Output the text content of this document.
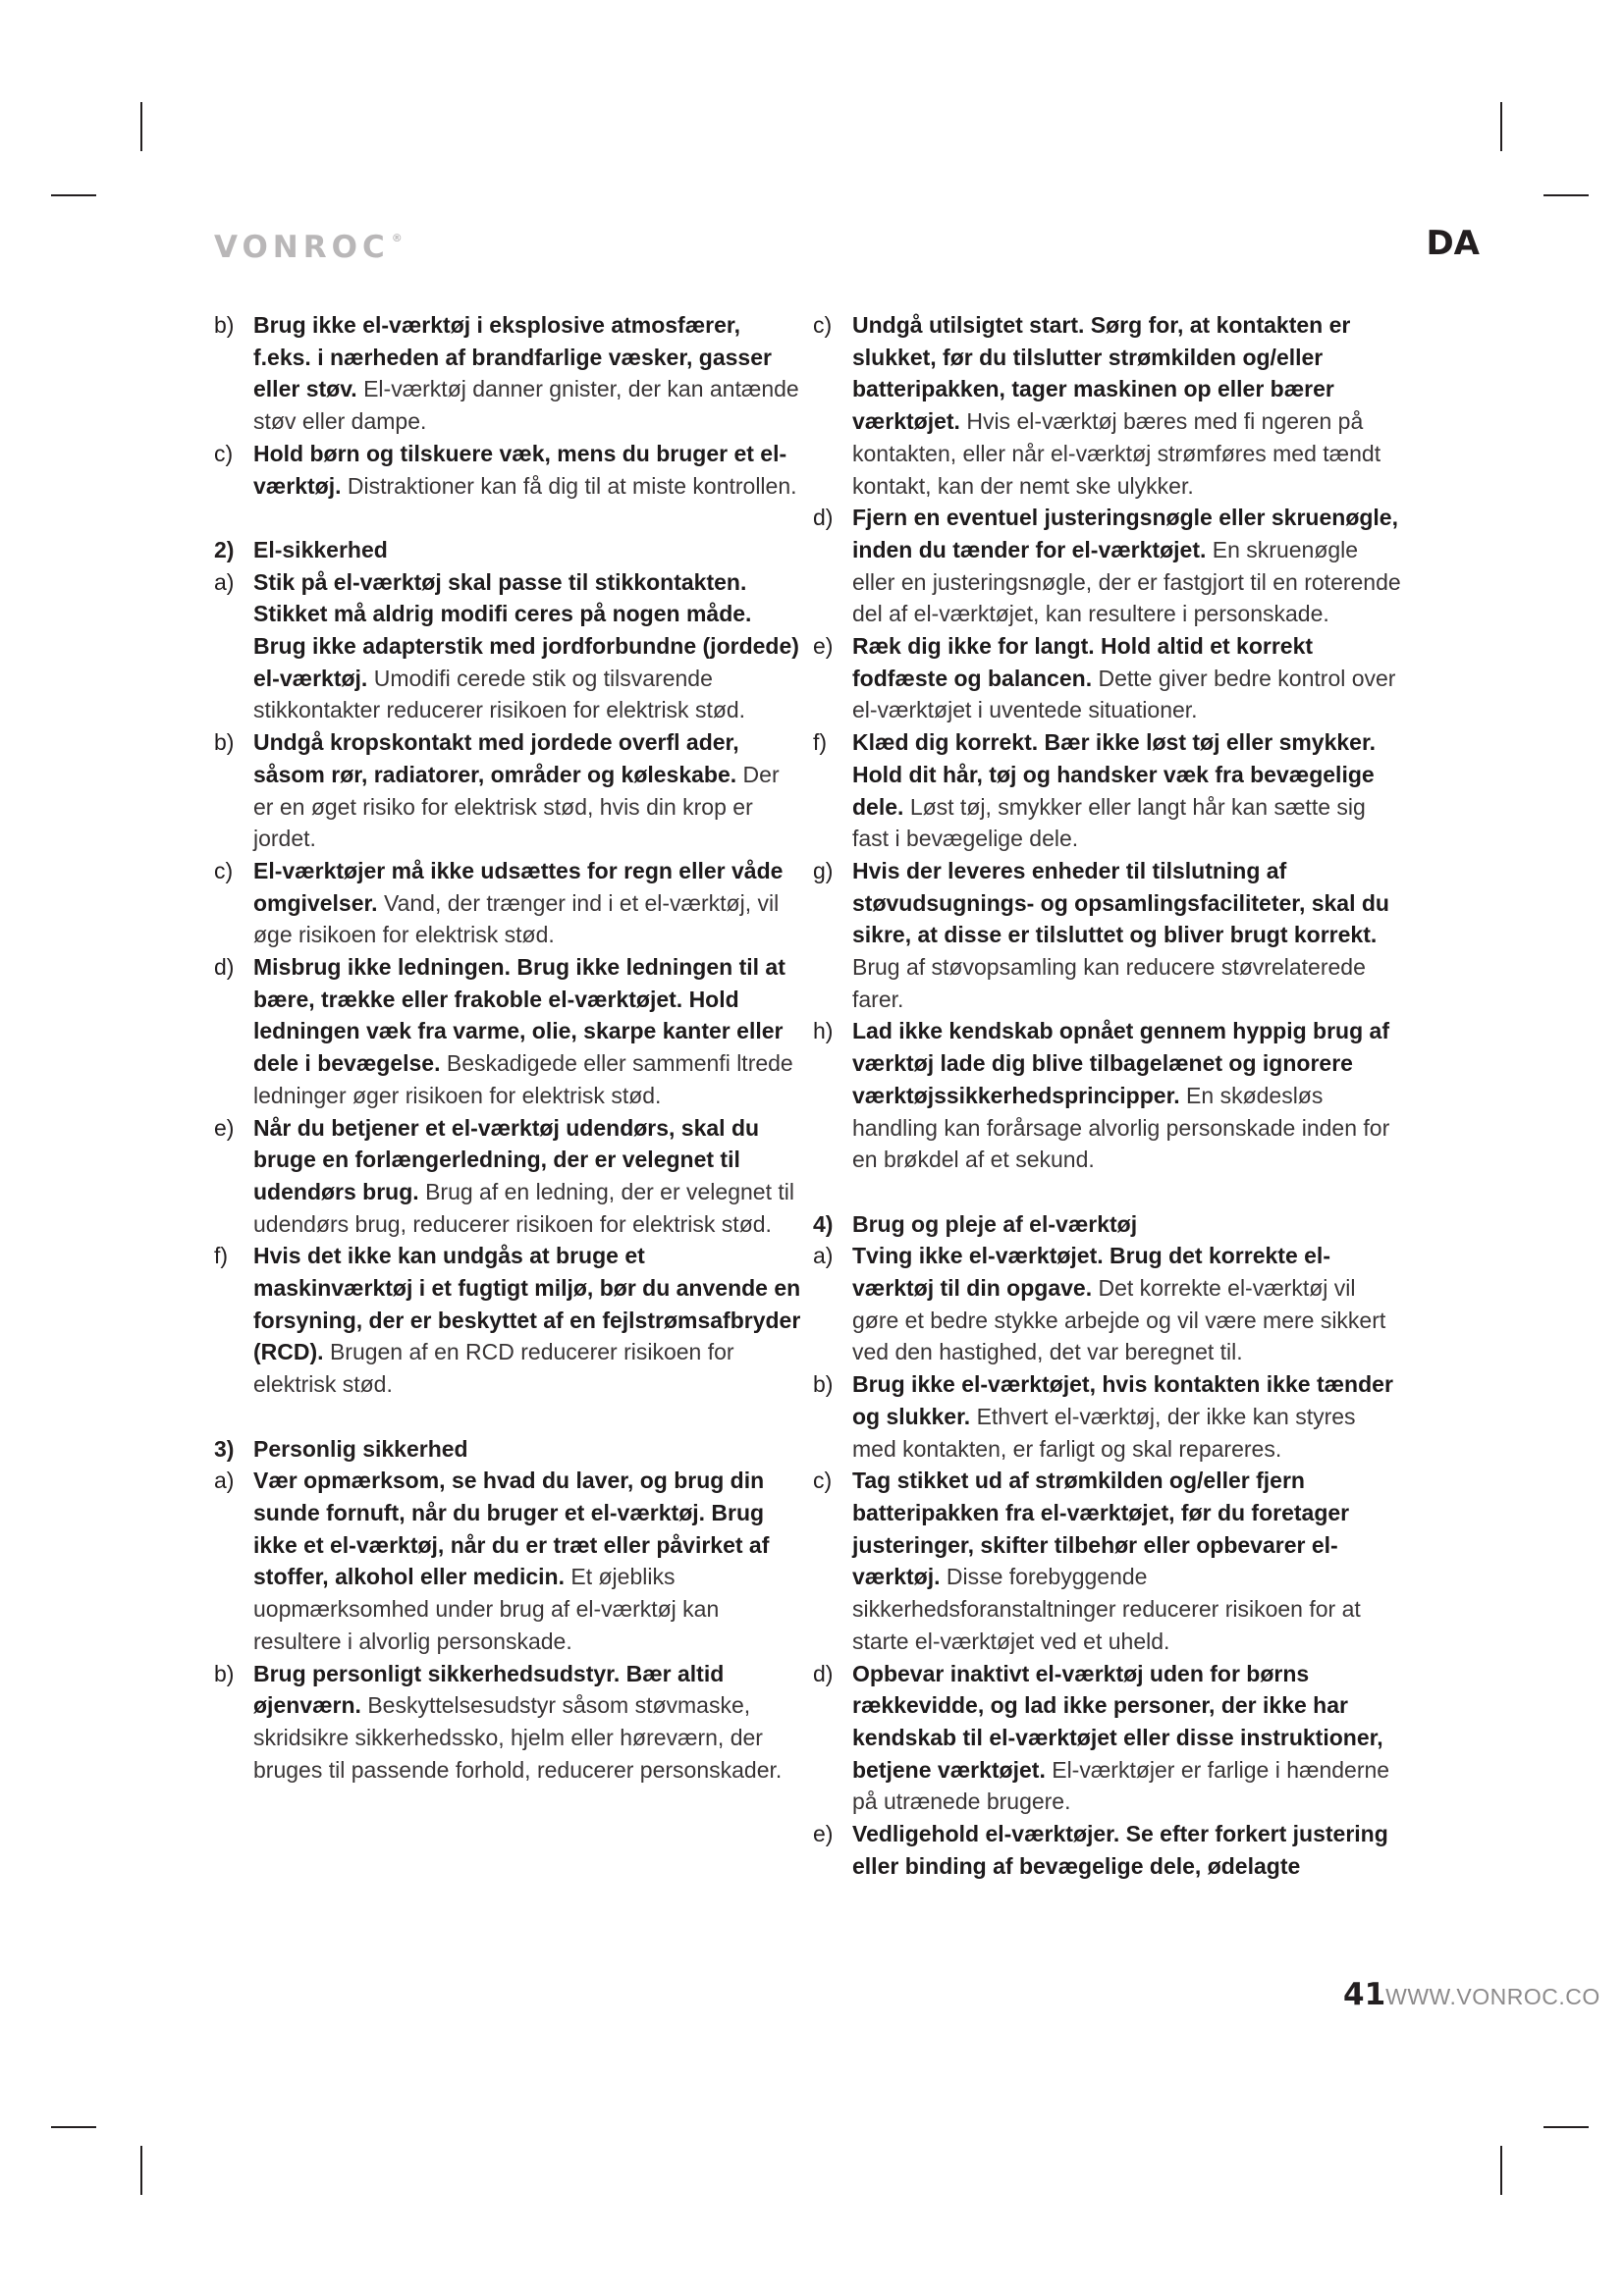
VONROC ®	DA
b) Brug ikke el-værktøj i eksplosive atmosfærer, f.eks. i nærheden af brandfarlige væsker, gasser eller støv. El-værktøj danner gnister, der kan antænde støv eller dampe.
c) Hold børn og tilskuere væk, mens du bruger et el-værktøj. Distraktioner kan få dig til at miste kontrollen.
2) El-sikkerhed
a) Stik på el-værktøj skal passe til stikkontakten. Stikket må aldrig modifi ceres på nogen måde. Brug ikke adapterstik med jordforbundne (jordede) el-værktøj. Umodifi cerede stik og tilsvarende stikkontakter reducerer risikoen for elektrisk stød.
b) Undgå kropskontakt med jordede overfl ader, såsom rør, radiatorer, områder og køleskabe. Der er en øget risiko for elektrisk stød, hvis din krop er jordet.
c) El-værktøjer må ikke udsættes for regn eller våde omgivelser. Vand, der trænger ind i et el-værktøj, vil øge risikoen for elektrisk stød.
d) Misbrug ikke ledningen. Brug ikke ledningen til at bære, trække eller frakoble el-værktøjet. Hold ledningen væk fra varme, olie, skarpe kanter eller dele i bevægelse. Beskadigede eller sammenfi ltrede ledninger øger risikoen for elektrisk stød.
e) Når du betjener et el-værktøj udendørs, skal du bruge en forlængerledning, der er velegnet til udendørs brug. Brug af en ledning, der er velegnet til udendørs brug, reducerer risikoen for elektrisk stød.
f)	Hvis det ikke kan undgås at bruge et maskinværktøj i et fugtigt miljø, bør du anvende en forsyning, der er beskyttet af en fejlstrømsafbryder (RCD). Brugen af en RCD reducerer risikoen for elektrisk stød.
3) Personlig sikkerhed
a) Vær opmærksom, se hvad du laver, og brug din sunde fornuft, når du bruger et el-værktøj. Brug ikke et el-værktøj, når du er træt eller påvirket af stoffer, alkohol eller medicin. Et øjebliks uopmærksomhed under brug af el-værktøj kan resultere i alvorlig personskade.
b) Brug personligt sikkerhedsudstyr. Bær altid øjenværn. Beskyttelsesudstyr såsom støvmaske, skridsikre sikkerhedssko, hjelm eller høreværn, der bruges til passende forhold, reducerer personskader.
c) Undgå utilsigtet start. Sørg for, at kontakten er slukket, før du tilslutter strømkilden og/eller batteripakken, tager maskinen op eller bærer værktøjet. Hvis el-værktøj bæres med fi ngeren på kontakten, eller når el-værktøj strømføres med tændt kontakt, kan der nemt ske ulykker.
d) Fjern en eventuel justeringsnøgle eller skruenøgle, inden du tænder for el-værktøjet. En skruenøgle eller en justeringsnøgle, der er fastgjort til en roterende del af el-værktøjet, kan resultere i personskade.
e) Ræk dig ikke for langt. Hold altid et korrekt fodfæste og balancen. Dette giver bedre kontrol over el-værktøjet i uventede situationer.
f)	Klæd dig korrekt. Bær ikke løst tøj eller smykker. Hold dit hår, tøj og handsker væk fra bevægelige dele. Løst tøj, smykker eller langt hår kan sætte sig fast i bevægelige dele.
g) Hvis der leveres enheder til tilslutning af støvudsugnings- og opsamlingsfaciliteter, skal du sikre, at disse er tilsluttet og bliver brugt korrekt. Brug af støvopsamling kan reducere støvrelaterede farer.
h) Lad ikke kendskab opnået gennem hyppig brug af værktøj lade dig blive tilbagelænet og ignorere værktøjssikkerhedsprincipper. En skødesløs handling kan forårsage alvorlig personskade inden for en brøkdel af et sekund.
4) Brug og pleje af el-værktøj
a) Tving ikke el-værktøjet. Brug det korrekte el-værktøj til din opgave. Det korrekte el-værktøj vil gøre et bedre stykke arbejde og vil være mere sikkert ved den hastighed, det var beregnet til.
b) Brug ikke el-værktøjet, hvis kontakten ikke tænder og slukker. Ethvert el-værktøj, der ikke kan styres med kontakten, er farligt og skal repareres.
c) Tag stikket ud af strømkilden og/eller fjern batteripakken fra el-værktøjet, før du foretager justeringer, skifter tilbehør eller opbevarer el-værktøj. Disse forebyggende sikkerhedsforanstaltninger reducerer risikoen for at starte el-værktøjet ved et uheld.
d) Opbevar inaktivt el-værktøj uden for børns rækkevidde, og lad ikke personer, der ikke har kendskab til el-værktøjet eller disse instruktioner, betjene værktøjet. El-værktøjer er farlige i hænderne på utrænede brugere.
e) Vedligehold el-værktøjer. Se efter forkert justering eller binding af bevægelige dele, ødelagte
41WWW.VONROC.CO
